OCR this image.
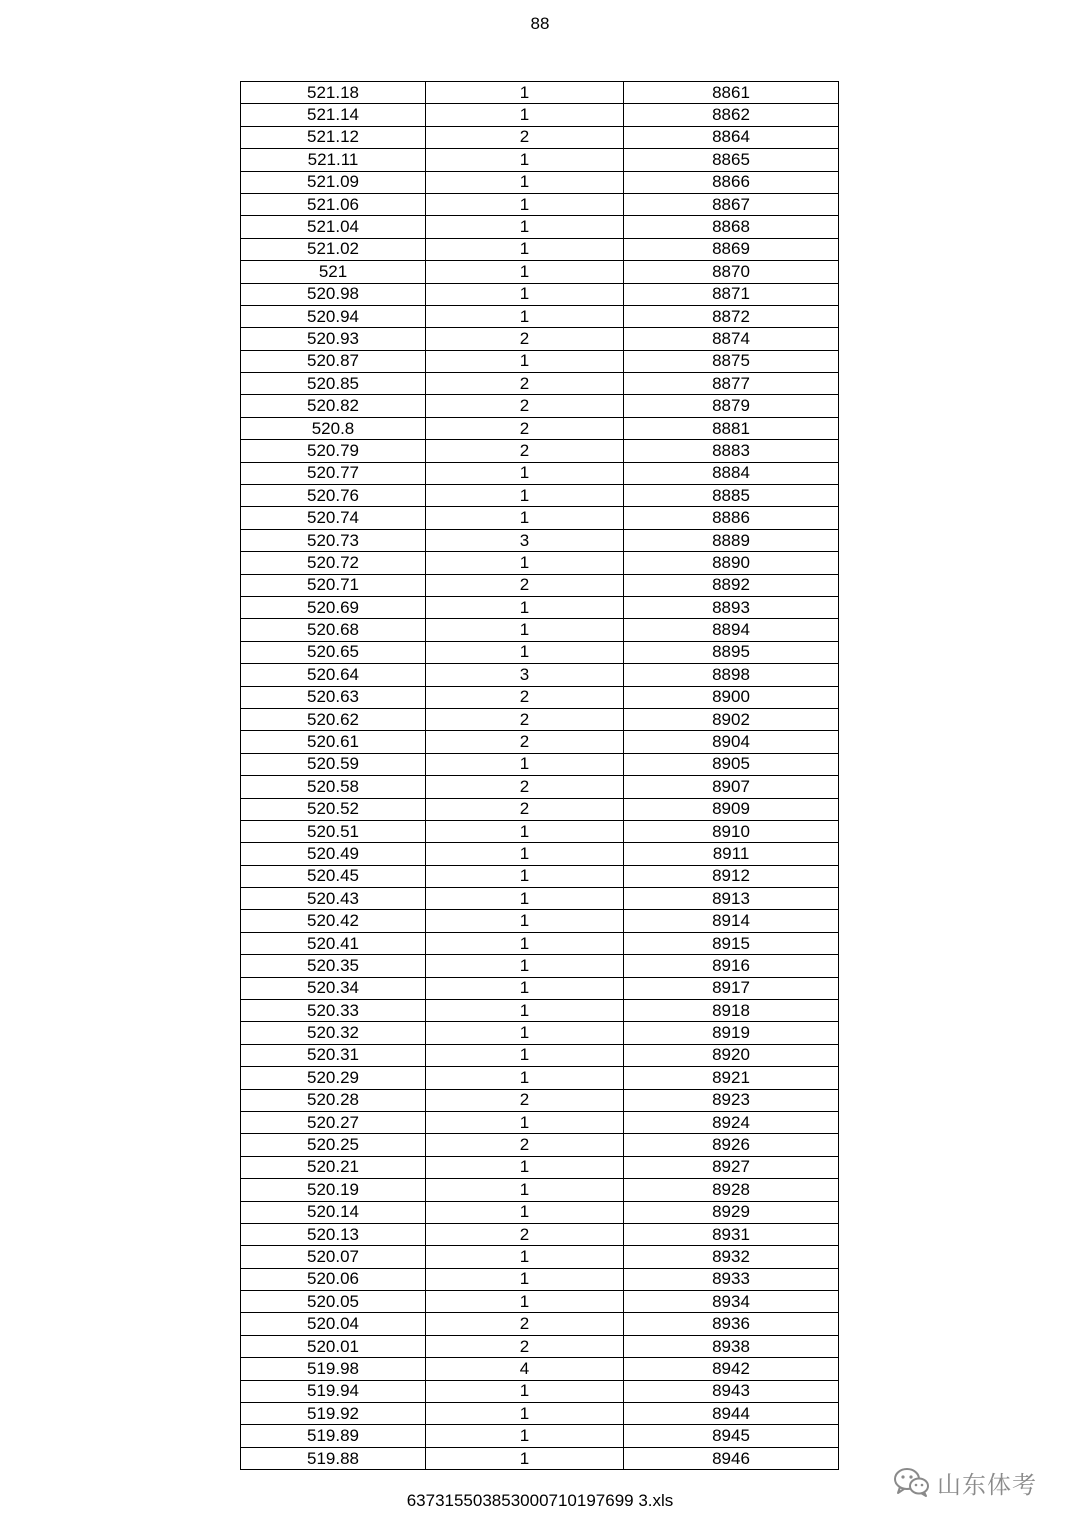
88
521.18	1	8861
521.14	1	8862
521.12	2	8864
521.11	1	8865
521.09	1	8866
521.06	1	8867
521.04	1	8868
521.02	1	8869
521	1	8870
520.98	1	8871
520.94	1	8872
520.93	2	8874
520.87	1	8875
520.85	2	8877
520.82	2	8879
520.8	2	8881
520.79	2	8883
520.77	1	8884
520.76	1	8885
520.74	1	8886
520.73	3	8889
520.72	1	8890
520.71	2	8892
520.69	1	8893
520.68	1	8894
520.65	1	8895
520.64	3	8898
520.63	2	8900
520.62	2	8902
520.61	2	8904
520.59	1	8905
520.58	2	8907
520.52	2	8909
520.51	1	8910
520.49	1	8911
520.45	1	8912
520.43	1	8913
520.42	1	8914
520.41	1	8915
520.35	1	8916
520.34	1	8917
520.33	1	8918
520.32	1	8919
520.31	1	8920
520.29	1	8921
520.28	2	8923
520.27	1	8924
520.25	2	8926
520.21	1	8927
520.19	1	8928
520.14	1	8929
520.13	2	8931
520.07	1	8932
520.06	1	8933
520.05	1	8934
520.04	2	8936
520.01	2	8938
519.98	4	8942
519.94	1	8943
519.92	1	8944
519.89	1	8945
519.88	1	8946
637315503853000710197699 3.xls
山东体考
